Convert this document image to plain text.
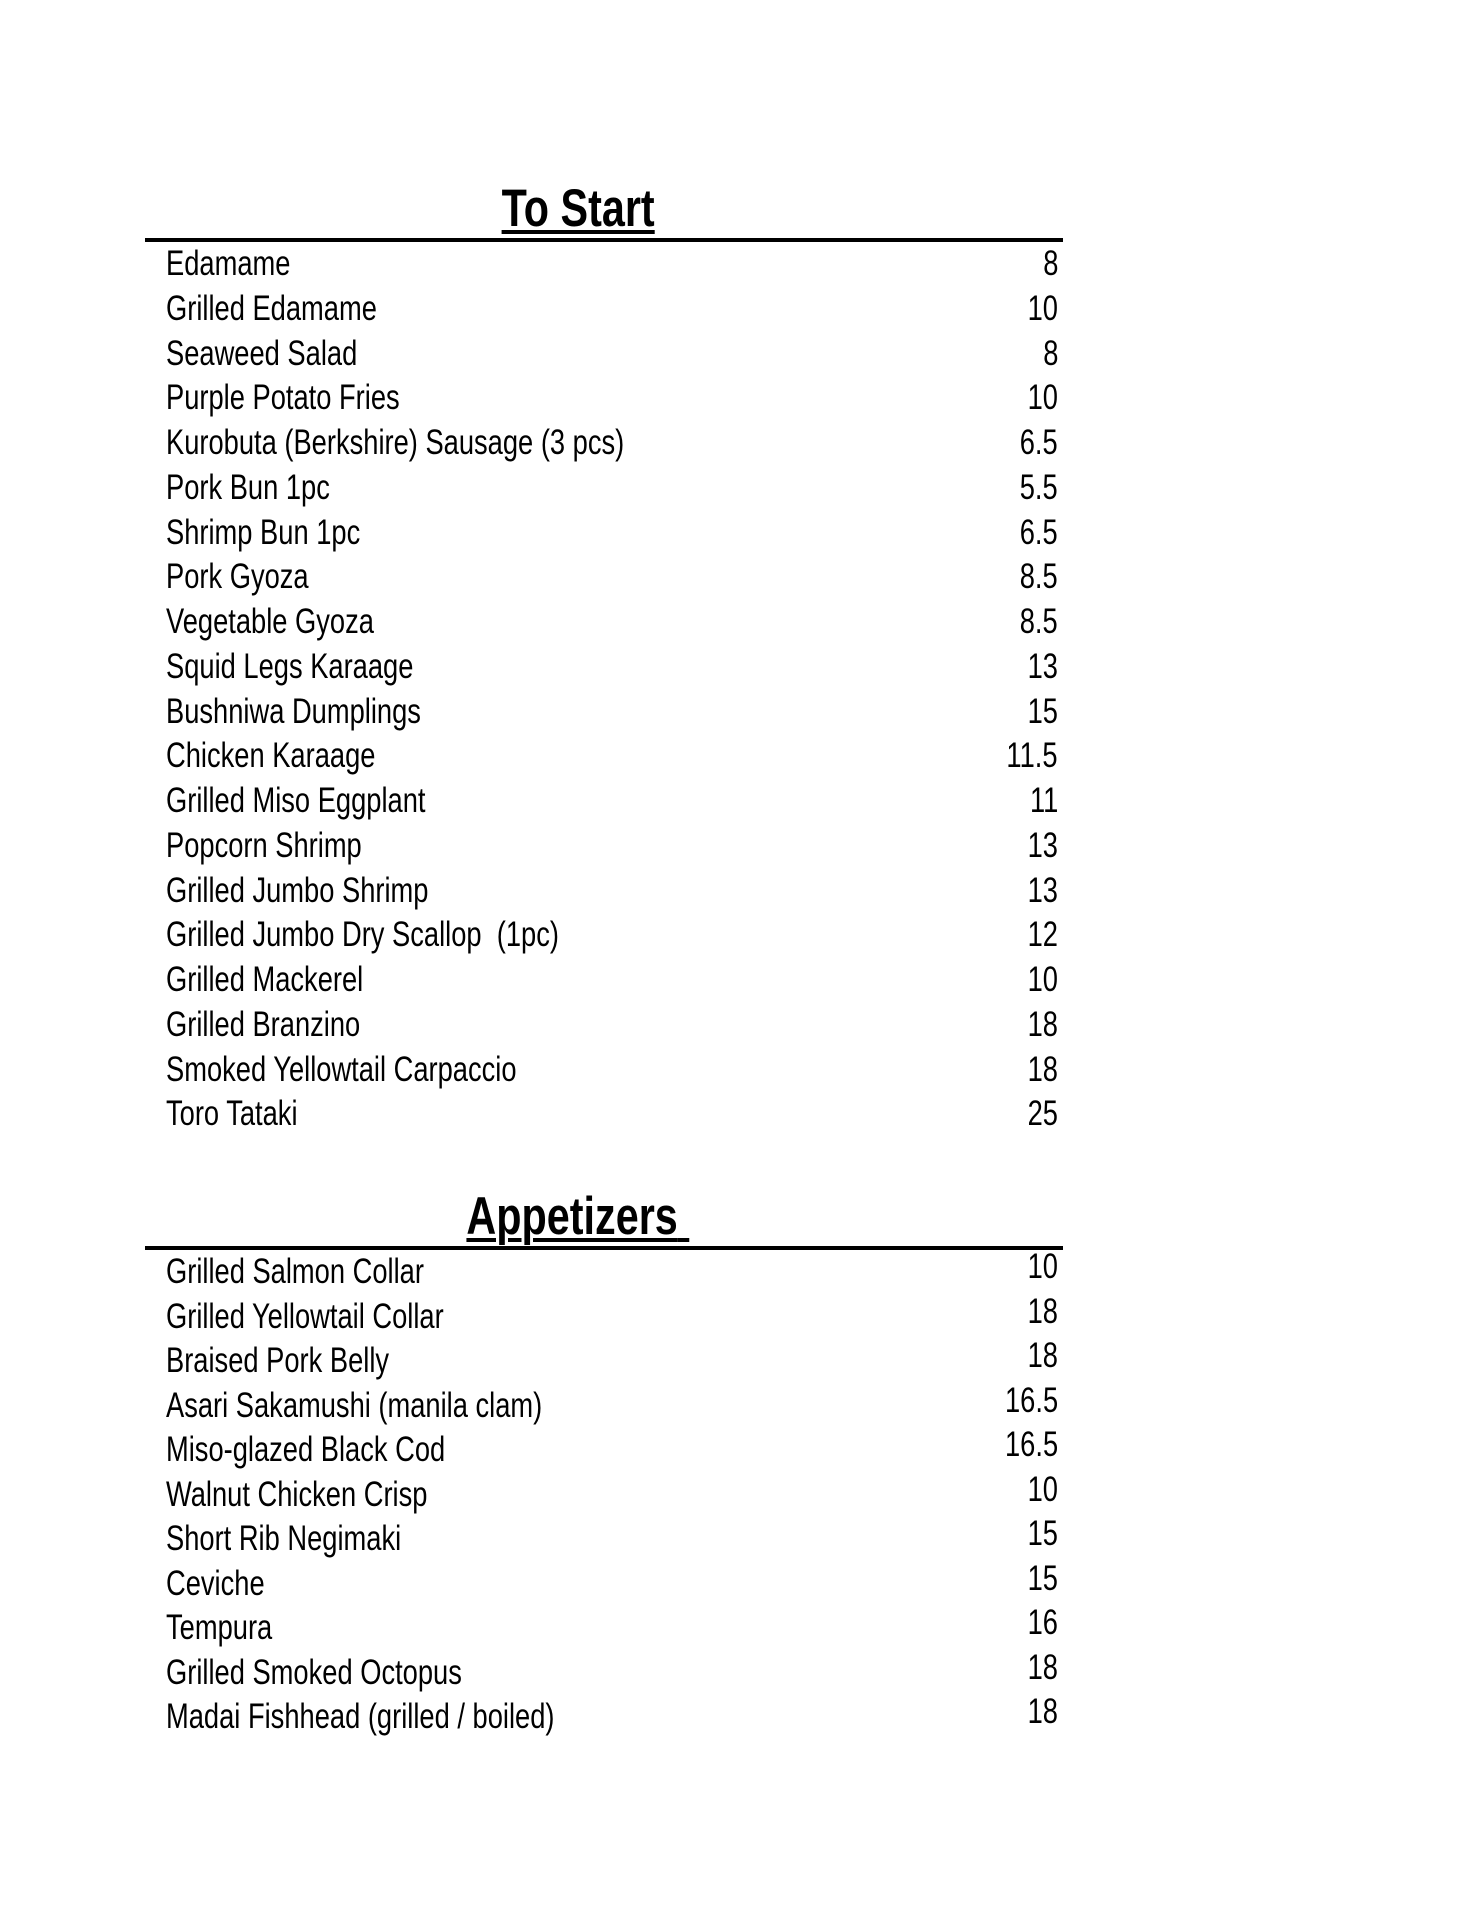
To Start
Edamame	8
Grilled Edamame	10
Seaweed Salad	8
Purple Potato Fries	10
Kurobuta (Berkshire) Sausage (3 pcs)	6.5
Pork Bun 1pc	5.5
Shrimp Bun 1pc	6.5
Pork Gyoza	8.5
Vegetable Gyoza	8.5
Squid Legs Karaage	13
Bushniwa Dumplings	15
Chicken Karaage	11.5
Grilled Miso Eggplant	11
Popcorn Shrimp	13
Grilled Jumbo Shrimp	13
Grilled Jumbo Dry Scallop  (1pc)	12
Grilled Mackerel	10
Grilled Branzino	18
Smoked Yellowtail Carpaccio	18
Toro Tataki	25
Appetizers
Grilled Salmon Collar	10
Grilled Yellowtail Collar	18
Braised Pork Belly	18
Asari Sakamushi (manila clam)	16.5
Miso-glazed Black Cod	16.5
Walnut Chicken Crisp	10
Short Rib Negimaki	15
Ceviche	15
Tempura	16
Grilled Smoked Octopus	18
Madai Fishhead (grilled / boiled)	18
